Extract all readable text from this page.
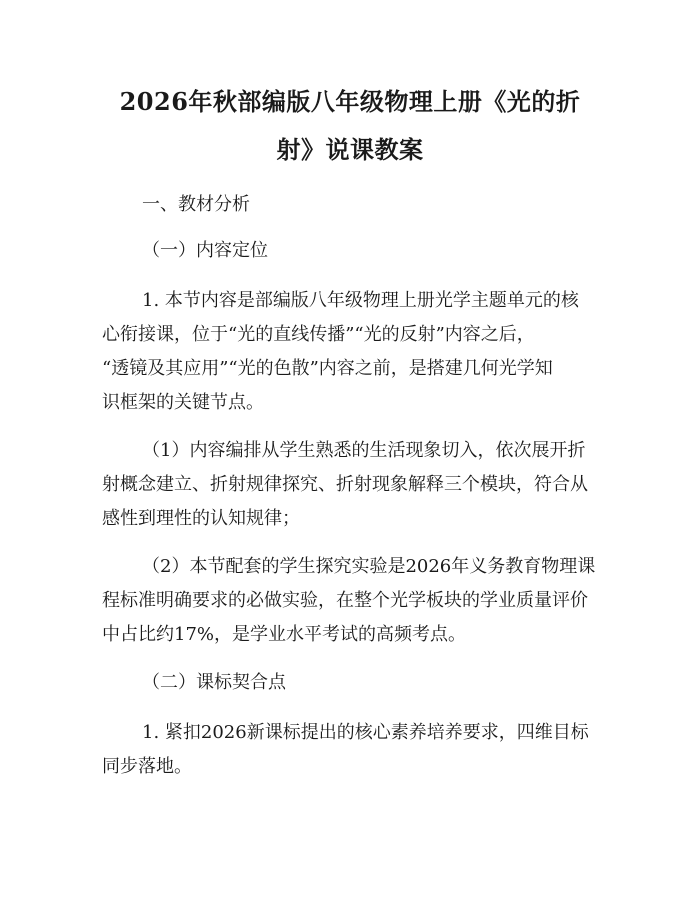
2026年秋部编版八年级物理上册《光的折
射》说课教案

一、教材分析

（一）内容定位

1. 本节内容是部编版八年级物理上册光学主题单元的核

心衔接课，位于“光的直线传播”“光的反射”内容之后，

“透镜及其应用”“光的色散”内容之前，是搭建几何光学知

识框架的关键节点。

（1）内容编排从学生熟悉的生活现象切入，依次展开折

射概念建立、折射规律探究、折射现象解释三个模块，符合从

感性到理性的认知规律；

（2）本节配套的学生探究实验是2026年义务教育物理课

程标准明确要求的必做实验，在整个光学板块的学业质量评价

中占比约17%，是学业水平考试的高频考点。

（二）课标契合点

1. 紧扣2026新课标提出的核心素养培养要求，四维目标

同步落地。
